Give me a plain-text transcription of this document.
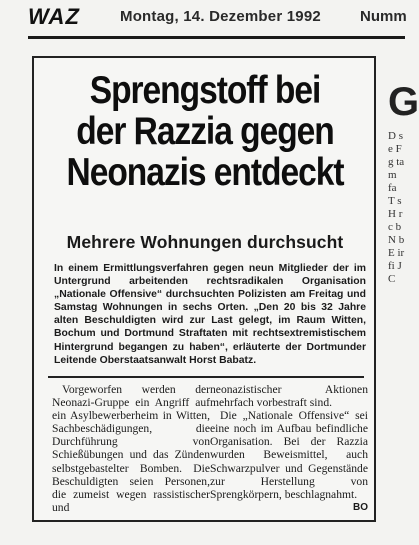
WAZ	Montag, 14. Dezember 1992	Numm
Sprengstoff bei
der Razzia gegen
Neonazis entdeckt
Mehrere Wohnungen durchsucht

In einem Ermittlungsverfahren gegen neun Mitglieder der im Untergrund arbeitenden rechtsradikalen Organisation „Nationale Offensive“ durchsuchten Polizisten am Freitag und Samstag Wohnungen in sechs Orten. „Den 20 bis 32 Jahre alten Beschuldigten wird zur Last gelegt, im Raum Witten, Bochum und Dortmund Straftaten mit rechtsextremistischem Hintergrund begangen zu haben“, erläuterte der Dortmunder Leitende Oberstaatsanwalt Horst Babatz.

Vorgeworfen werden der Neonazi-Gruppe ein Angriff auf ein Asylbewerberheim in Witten, Sachbeschädigungen, die Durchführung von Schießübungen und das Zünden selbstgebastelter Bomben. Die Beschuldigten seien Personen, die zumeist wegen rassistischer und

neonazistischer Aktionen mehrfach vorbestraft sind.

Die „Nationale Offensive“ sei eine noch im Aufbau befindliche Organisation. Bei der Razzia wurden Beweismittel, auch Schwarzpulver und Gegenstände zur Herstellung von Sprengkörpern, beschlagnahmt.
BO

G
D s e F g ta m fa T s H r c b N b E ir fi J C
